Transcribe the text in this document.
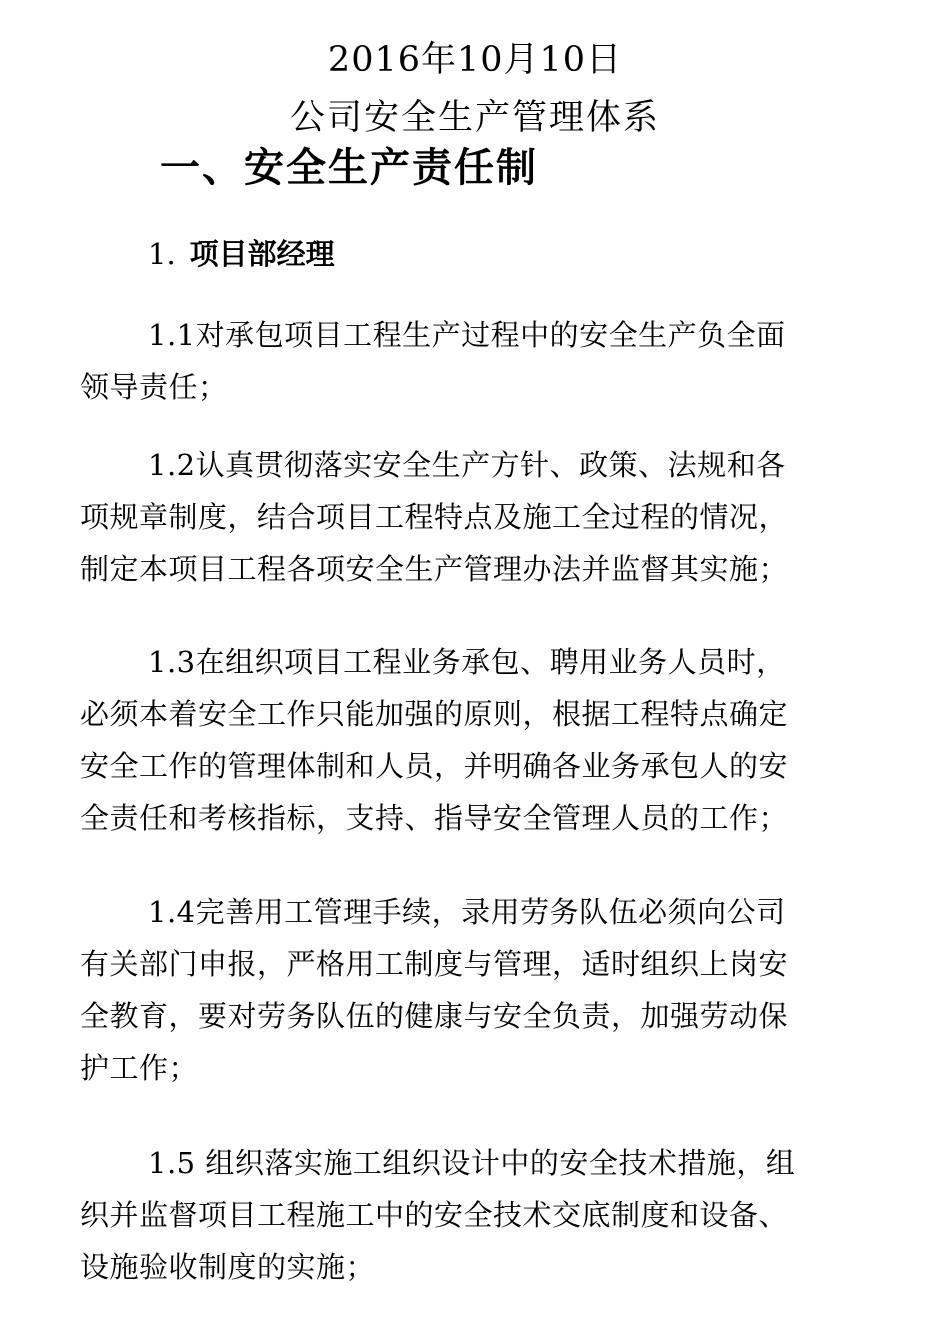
2016年10月10日
公司安全生产管理体系
一、安全生产责任制
1. 项目部经理
1.1对承包项目工程生产过程中的安全生产负全面
领导责任；
1.2认真贯彻落实安全生产方针、政策、法规和各
项规章制度，结合项目工程特点及施工全过程的情况，
制定本项目工程各项安全生产管理办法并监督其实施；
1.3在组织项目工程业务承包、聘用业务人员时，
必须本着安全工作只能加强的原则，根据工程特点确定
安全工作的管理体制和人员，并明确各业务承包人的安
全责任和考核指标，支持、指导安全管理人员的工作；
1.4完善用工管理手续，录用劳务队伍必须向公司
有关部门申报，严格用工制度与管理，适时组织上岗安
全教育，要对劳务队伍的健康与安全负责，加强劳动保
护工作；
1.5 组织落实施工组织设计中的安全技术措施，组
织并监督项目工程施工中的安全技术交底制度和设备、
设施验收制度的实施；
